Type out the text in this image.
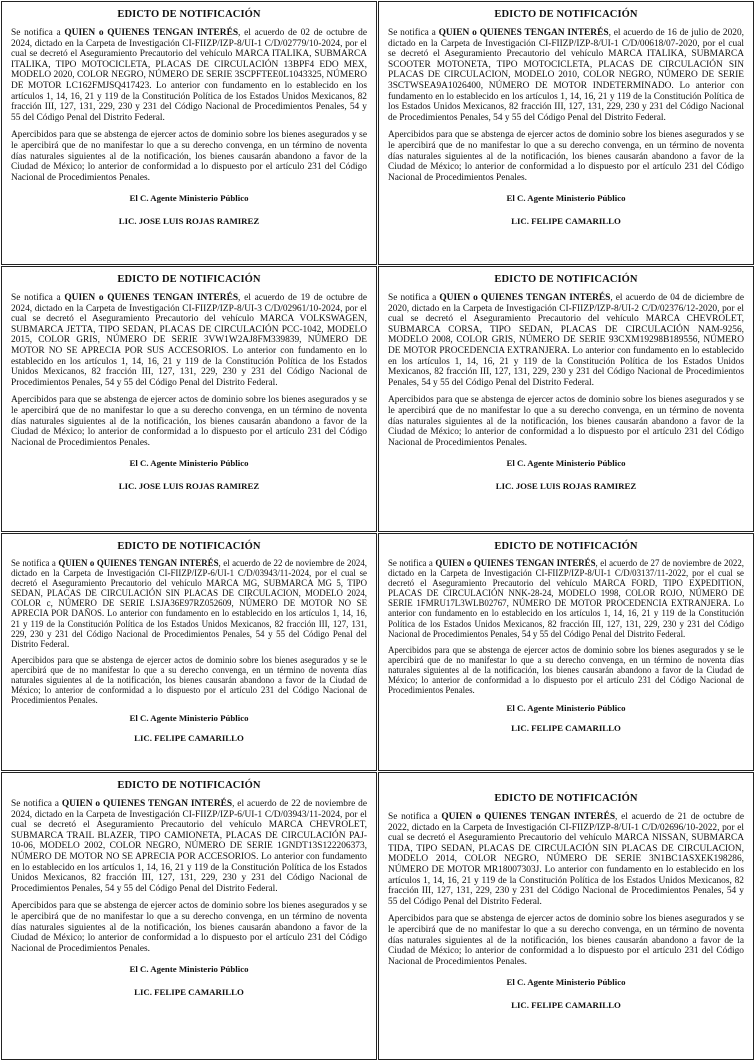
EDICTO DE NOTIFICACIÓN

Se notifica a QUIEN o QUIENES TENGAN INTERÉS, el acuerdo de 02 de octubre de 2024, dictado en la Carpeta de Investigación CI-FIIZP/IZP-8/UI-1 C/D/02779/10-2024, por el cual se decretó el Aseguramiento Precautorio del vehículo MARCA ITALIKA, SUBMARCA ITALIKA, TIPO MOTOCICLETA, PLACAS DE CIRCULACIÓN 13BPF4 EDO MEX, MODELO 2020, COLOR NEGRO, NÚMERO DE SERIE 3SCPFTEE0L1043325, NÚMERO DE MOTOR LC162FMJSQ417423. Lo anterior con fundamento en lo establecido en los artículos 1, 14, 16, 21 y 119 de la Constitución Política de los Estados Unidos Mexicanos, 82 fracción III, 127, 131, 229, 230 y 231 del Código Nacional de Procedimientos Penales, 54 y 55 del Código Penal del Distrito Federal.

Apercibidos para que se abstenga de ejercer actos de dominio sobre los bienes asegurados y se le apercibirá que de no manifestar lo que a su derecho convenga, en un término de noventa días naturales siguientes al de la notificación, los bienes causarán abandono a favor de la Ciudad de México; lo anterior de conformidad a lo dispuesto por el artículo 231 del Código Nacional de Procedimientos Penales.

El C. Agente Ministerio Público
LIC. JOSE LUIS ROJAS RAMIREZ
EDICTO DE NOTIFICACIÓN

Se notifica a QUIEN o QUIENES TENGAN INTERÉS, el acuerdo de 16 de julio de 2020, dictado en la Carpeta de Investigación CI-FIIZP/IZP-8/UI-1 C/D/00618/07-2020, por el cual se decretó el Aseguramiento Precautorio del vehículo MARCA ITALIKA, SUBMARCA SCOOTER MOTONETA, TIPO MOTOCICLETA, PLACAS DE CIRCULACIÓN SIN PLACAS DE CIRCULACION, MODELO 2010, COLOR NEGRO, NÚMERO DE SERIE 3SCTWSEA9A1026400, NÚMERO DE MOTOR INDETERMINADO. Lo anterior con fundamento en lo establecido en los artículos 1, 14, 16, 21 y 119 de la Constitución Política de los Estados Unidos Mexicanos, 82 fracción III, 127, 131, 229, 230 y 231 del Código Nacional de Procedimientos Penales, 54 y 55 del Código Penal del Distrito Federal.

Apercibidos para que se abstenga de ejercer actos de dominio sobre los bienes asegurados y se le apercibirá que de no manifestar lo que a su derecho convenga, en un término de noventa días naturales siguientes al de la notificación, los bienes causarán abandono a favor de la Ciudad de México; lo anterior de conformidad a lo dispuesto por el artículo 231 del Código Nacional de Procedimientos Penales.

El C. Agente Ministerio Público
LIC. FELIPE CAMARILLO
EDICTO DE NOTIFICACIÓN

Se notifica a QUIEN o QUIENES TENGAN INTERÉS, el acuerdo de 19 de octubre de 2024, dictado en la Carpeta de Investigación CI-FIIZP/IZP-8/UI-3 C/D/02961/10-2024, por el cual se decretó el Aseguramiento Precautorio del vehículo MARCA VOLKSWAGEN, SUBMARCA JETTA, TIPO SEDAN, PLACAS DE CIRCULACIÓN PCC-1042, MODELO 2015, COLOR GRIS, NÚMERO DE SERIE 3VW1W2AJ8FM339839, NÚMERO DE MOTOR NO SE APRECIA POR SUS ACCESORIOS. Lo anterior con fundamento en lo establecido en los artículos 1, 14, 16, 21 y 119 de la Constitución Política de los Estados Unidos Mexicanos, 82 fracción III, 127, 131, 229, 230 y 231 del Código Nacional de Procedimientos Penales, 54 y 55 del Código Penal del Distrito Federal.

Apercibidos para que se abstenga de ejercer actos de dominio sobre los bienes asegurados y se le apercibirá que de no manifestar lo que a su derecho convenga, en un término de noventa días naturales siguientes al de la notificación, los bienes causarán abandono a favor de la Ciudad de México; lo anterior de conformidad a lo dispuesto por el artículo 231 del Código Nacional de Procedimientos Penales.

El C. Agente Ministerio Público
LIC. JOSE LUIS ROJAS RAMIREZ
EDICTO DE NOTIFICACIÓN

Se notifica a QUIEN o QUIENES TENGAN INTERÉS, el acuerdo de 04 de diciembre de 2020, dictado en la Carpeta de Investigación CI-FIIZP/IZP-8/UI-2 C/D/02376/12-2020, por el cual se decretó el Aseguramiento Precautorio del vehículo MARCA CHEVROLET, SUBMARCA CORSA, TIPO SEDAN, PLACAS DE CIRCULACIÓN NAM-9256, MODELO 2008, COLOR GRIS, NÚMERO DE SERIE 93CXM19298B189556, NÚMERO DE MOTOR PROCEDENCIA EXTRANJERA. Lo anterior con fundamento en lo establecido en los artículos 1, 14, 16, 21 y 119 de la Constitución Política de los Estados Unidos Mexicanos, 82 fracción III, 127, 131, 229, 230 y 231 del Código Nacional de Procedimientos Penales, 54 y 55 del Código Penal del Distrito Federal.

Apercibidos para que se abstenga de ejercer actos de dominio sobre los bienes asegurados y se le apercibirá que de no manifestar lo que a su derecho convenga, en un término de noventa días naturales siguientes al de la notificación, los bienes causarán abandono a favor de la Ciudad de México; lo anterior de conformidad a lo dispuesto por el artículo 231 del Código Nacional de Procedimientos Penales.

El C. Agente Ministerio Público
LIC. JOSE LUIS ROJAS RAMIREZ
EDICTO DE NOTIFICACIÓN

Se notifica a QUIEN o QUIENES TENGAN INTERÉS, el acuerdo de 22 de noviembre de 2024, dictado en la Carpeta de Investigación CI-FIIZP/IZP-6/UI-1 C/D/03943/11-2024, por el cual se decretó el Aseguramiento Precautorio del vehículo MARCA MG, SUBMARCA MG 5, TIPO SEDAN, PLACAS DE CIRCULACIÓN SIN PLACAS DE CIRCULACION, MODELO 2024, COLOR c, NÚMERO DE SERIE LSJA36E97RZ052609, NÚMERO DE MOTOR NO SE APRECIA POR DAÑOS. Lo anterior con fundamento en lo establecido en los artículos 1, 14, 16, 21 y 119 de la Constitución Política de los Estados Unidos Mexicanos, 82 fracción III, 127, 131, 229, 230 y 231 del Código Nacional de Procedimientos Penales, 54 y 55 del Código Penal del Distrito Federal.

Apercibidos para que se abstenga de ejercer actos de dominio sobre los bienes asegurados y se le apercibirá que de no manifestar lo que a su derecho convenga, en un término de noventa días naturales siguientes al de la notificación, los bienes causarán abandono a favor de la Ciudad de México; lo anterior de conformidad a lo dispuesto por el artículo 231 del Código Nacional de Procedimientos Penales.

El C. Agente Ministerio Público
LIC. FELIPE CAMARILLO
EDICTO DE NOTIFICACIÓN

Se notifica a QUIEN o QUIENES TENGAN INTERÉS, el acuerdo de 27 de noviembre de 2022, dictado en la Carpeta de Investigación CI-FIIZP/IZP-8/UI-1 C/D/03137/11-2022, por el cual se decretó el Aseguramiento Precautorio del vehículo MARCA FORD, TIPO EXPEDITION, PLACAS DE CIRCULACIÓN NNK-28-24, MODELO 1998, COLOR ROJO, NÚMERO DE SERIE 1FMRU17L3WLB02767, NÚMERO DE MOTOR PROCEDENCIA EXTRANJERA. Lo anterior con fundamento en lo establecido en los artículos 1, 14, 16, 21 y 119 de la Constitución Política de los Estados Unidos Mexicanos, 82 fracción III, 127, 131, 229, 230 y 231 del Código Nacional de Procedimientos Penales, 54 y 55 del Código Penal del Distrito Federal.

Apercibidos para que se abstenga de ejercer actos de dominio sobre los bienes asegurados y se le apercibirá que de no manifestar lo que a su derecho convenga, en un término de noventa días naturales siguientes al de la notificación, los bienes causarán abandono a favor de la Ciudad de México; lo anterior de conformidad a lo dispuesto por el artículo 231 del Código Nacional de Procedimientos Penales.

El C. Agente Ministerio Público
LIC. FELIPE CAMARILLO
EDICTO DE NOTIFICACIÓN

Se notifica a QUIEN o QUIENES TENGAN INTERÉS, el acuerdo de 22 de noviembre de 2024, dictado en la Carpeta de Investigación CI-FIIZP/IZP-6/UI-1 C/D/03943/11-2024, por el cual se decretó el Aseguramiento Precautorio del vehículo MARCA CHEVROLET, SUBMARCA TRAIL BLAZER, TIPO CAMIONETA, PLACAS DE CIRCULACIÓN PAJ-10-06, MODELO 2002, COLOR NEGRO, NÚMERO DE SERIE 1GNDT13S122206373, NÚMERO DE MOTOR NO SE APRECIA POR ACCESORIOS. Lo anterior con fundamento en lo establecido en los artículos 1, 14, 16, 21 y 119 de la Constitución Política de los Estados Unidos Mexicanos, 82 fracción III, 127, 131, 229, 230 y 231 del Código Nacional de Procedimientos Penales, 54 y 55 del Código Penal del Distrito Federal.

Apercibidos para que se abstenga de ejercer actos de dominio sobre los bienes asegurados y se le apercibirá que de no manifestar lo que a su derecho convenga, en un término de noventa días naturales siguientes al de la notificación, los bienes causarán abandono a favor de la Ciudad de México; lo anterior de conformidad a lo dispuesto por el artículo 231 del Código Nacional de Procedimientos Penales.

El C. Agente Ministerio Público
LIC. FELIPE CAMARILLO
EDICTO DE NOTIFICACIÓN

Se notifica a QUIEN o QUIENES TENGAN INTERÉS, el acuerdo de 21 de octubre de 2022, dictado en la Carpeta de Investigación CI-FIIZP/IZP-8/UI-1 C/D/02696/10-2022, por el cual se decretó el Aseguramiento Precautorio del vehículo MARCA NISSAN, SUBMARCA TIDA, TIPO SEDAN, PLACAS DE CIRCULACIÓN SIN PLACAS DE CIRCULACION, MODELO 2014, COLOR NEGRO, NÚMERO DE SERIE 3N1BC1ASXEK198286, NÚMERO DE MOTOR MR18007303J. Lo anterior con fundamento en lo establecido en los artículos 1, 14, 16, 21 y 119 de la Constitución Política de los Estados Unidos Mexicanos, 82 fracción III, 127, 131, 229, 230 y 231 del Código Nacional de Procedimientos Penales, 54 y 55 del Código Penal del Distrito Federal.

Apercibidos para que se abstenga de ejercer actos de dominio sobre los bienes asegurados y se le apercibirá que de no manifestar lo que a su derecho convenga, en un término de noventa días naturales siguientes al de la notificación, los bienes causarán abandono a favor de la Ciudad de México; lo anterior de conformidad a lo dispuesto por el artículo 231 del Código Nacional de Procedimientos Penales.

El C. Agente Ministerio Público
LIC. FELIPE CAMARILLO
